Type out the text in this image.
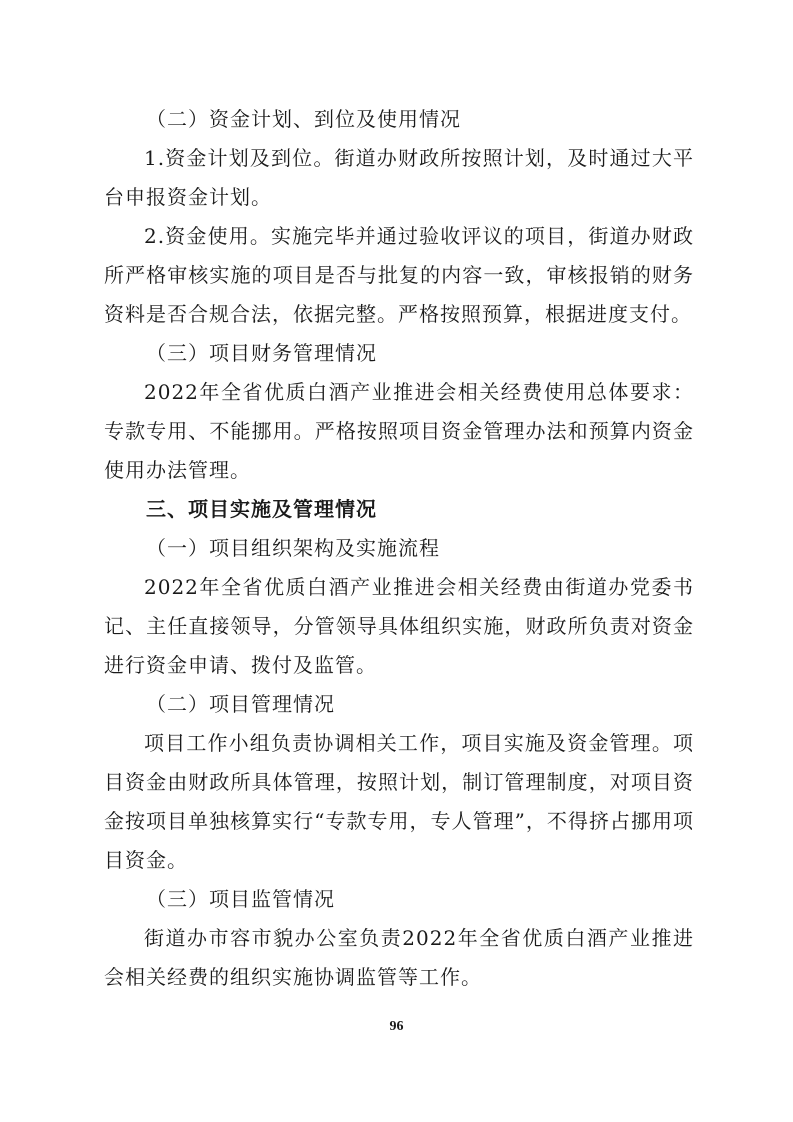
（二）资金计划、到位及使用情况

1.资金计划及到位。街道办财政所按照计划，及时通过大平台申报资金计划。

2.资金使用。实施完毕并通过验收评议的项目，街道办财政所严格审核实施的项目是否与批复的内容一致，审核报销的财务资料是否合规合法，依据完整。严格按照预算，根据进度支付。

（三）项目财务管理情况

2022年全省优质白酒产业推进会相关经费使用总体要求：专款专用、不能挪用。严格按照项目资金管理办法和预算内资金使用办法管理。

三、项目实施及管理情况

（一）项目组织架构及实施流程

2022年全省优质白酒产业推进会相关经费由街道办党委书记、主任直接领导，分管领导具体组织实施，财政所负责对资金进行资金申请、拨付及监管。

（二）项目管理情况

项目工作小组负责协调相关工作，项目实施及资金管理。项目资金由财政所具体管理，按照计划，制订管理制度，对项目资金按项目单独核算实行“专款专用，专人管理”，不得挤占挪用项目资金。

（三）项目监管情况

街道办市容市貌办公室负责2022年全省优质白酒产业推进会相关经费的组织实施协调监管等工作。

96
